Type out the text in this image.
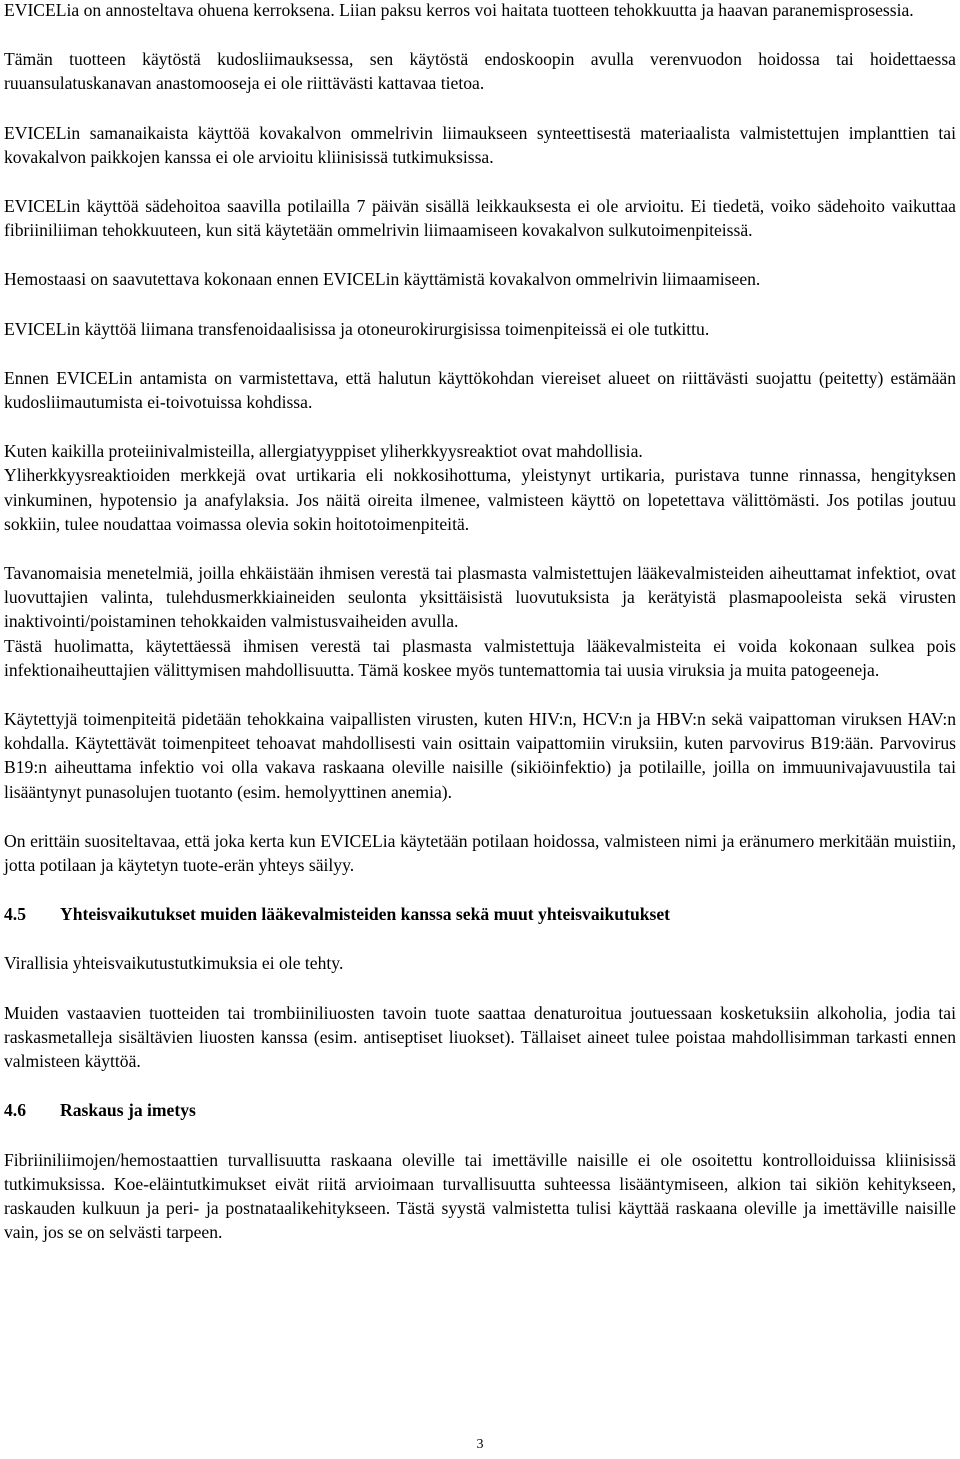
EVICELia on annosteltava ohuena kerroksena. Liian paksu kerros voi haitata tuotteen tehokkuutta ja haavan paranemisprosessia.

Tämän tuotteen käytöstä kudosliimauksessa, sen käytöstä endoskoopin avulla verenvuodon hoidossa tai hoidettaessa ruuansulatuskanavan anastomooseja ei ole riittävästi kattavaa tietoa.

EVICELin samanaikaista käyttöä kovakalvon ommelrivin liimaukseen synteettisestä materiaalista valmistettujen implanttien tai kovakalvon paikkojen kanssa ei ole arvioitu kliinisissä tutkimuksissa.

EVICELin käyttöä sädehoitoa saavilla potilailla 7 päivän sisällä leikkauksesta ei ole arvioitu. Ei tiedetä, voiko sädehoito vaikuttaa fibriiniliiman tehokkuuteen, kun sitä käytetään ommelrivin liimaamiseen kovakalvon sulkutoimenpiteissä.

Hemostaasi on saavutettava kokonaan ennen EVICELin käyttämistä kovakalvon ommelrivin liimaamiseen.

EVICELin käyttöä liimana transfenoidaalisissa ja otoneurokirurgisissa toimenpiteissä ei ole tutkittu.

Ennen EVICELin antamista on varmistettava, että halutun käyttökohdan viereiset alueet on riittävästi suojattu (peitetty) estämään kudosliimautumista ei-toivotuissa kohdissa.

Kuten kaikilla proteiinivalmisteilla, allergiatyyppiset yliherkkyysreaktiot ovat mahdollisia.

Yliherkkyysreaktioiden merkkejä ovat urtikaria eli nokkosihottuma, yleistynyt urtikaria, puristava tunne rinnassa, hengityksen vinkuminen, hypotensio ja anafylaksia. Jos näitä oireita ilmenee, valmisteen käyttö on lopetettava välittömästi. Jos potilas joutuu sokkiin, tulee noudattaa voimassa olevia sokin hoitotoimenpiteitä.

Tavanomaisia menetelmiä, joilla ehkäistään ihmisen verestä tai plasmasta valmistettujen lääkevalmisteiden aiheuttamat infektiot, ovat luovuttajien valinta, tulehdusmerkkiaineiden seulonta yksittäisistä luovutuksista ja kerätyistä plasmapooleista sekä virusten inaktivointi/poistaminen tehokkaiden valmistusvaiheiden avulla.

Tästä huolimatta, käytettäessä ihmisen verestä tai plasmasta valmistettuja lääkevalmisteita ei voida kokonaan sulkea pois infektionaiheuttajien välittymisen mahdollisuutta. Tämä koskee myös tuntemattomia tai uusia viruksia ja muita patogeeneja.

Käytettyjä toimenpiteitä pidetään tehokkaina vaipallisten virusten, kuten HIV:n, HCV:n ja HBV:n sekä vaipattoman viruksen HAV:n kohdalla. Käytettävät toimenpiteet tehoavat mahdollisesti vain osittain vaipattomiin viruksiin, kuten parvovirus B19:ään. Parvovirus B19:n aiheuttama infektio voi olla vakava raskaana oleville naisille (sikiöinfektio) ja potilaille, joilla on immuunivajavuustila tai lisääntynyt punasolujen tuotanto (esim. hemolyyttinen anemia).

On erittäin suositeltavaa, että joka kerta kun EVICELia käytetään potilaan hoidossa, valmisteen nimi ja eränumero merkitään muistiin, jotta potilaan ja käytetyn tuote-erän yhteys säilyy.

4.5 Yhteisvaikutukset muiden lääkevalmisteiden kanssa sekä muut yhteisvaikutukset

Virallisia yhteisvaikutustutkimuksia ei ole tehty.

Muiden vastaavien tuotteiden tai trombiiniliuosten tavoin tuote saattaa denaturoitua joutuessaan kosketuksiin alkoholia, jodia tai raskasmetalleja sisältävien liuosten kanssa (esim. antiseptiset liuokset). Tällaiset aineet tulee poistaa mahdollisimman tarkasti ennen valmisteen käyttöä.

4.6 Raskaus ja imetys

Fibriiniliimojen/hemostaattien turvallisuutta raskaana oleville tai imettäville naisille ei ole osoitettu kontrolloiduissa kliinisissä tutkimuksissa. Koe-eläintutkimukset eivät riitä arvioimaan turvallisuutta suhteessa lisääntymiseen, alkion tai sikiön kehitykseen, raskauden kulkuun ja peri- ja postnataalikehitykseen. Tästä syystä valmistetta tulisi käyttää raskaana oleville ja imettäville naisille vain, jos se on selvästi tarpeen.

3
